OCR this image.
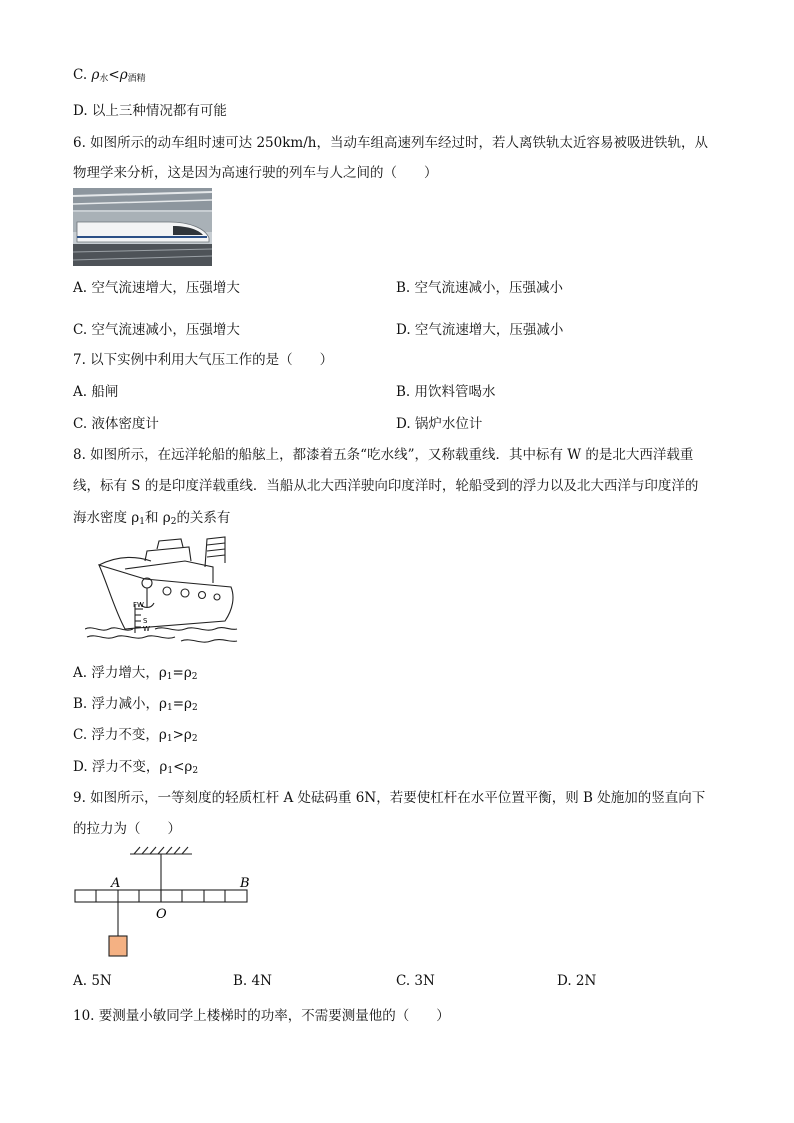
C. $\rho_水<\rho_{酒精}$
D. 以上三种情况都有可能
6. 如图所示的动车组时速可达 250km/h，当动车组高速列车经过时，若人离铁轨太近容易被吸进铁轨，从
物理学来分析，这是因为高速行驶的列车与人之间的（　　）
A. 空气流速增大，压强增大	B. 空气流速减小，压强减小
C. 空气流速减小，压强增大	D. 空气流速增大，压强减小
7. 以下实例中利用大气压工作的是（　　）
A. 船闸	B. 用饮料管喝水
C. 液体密度计	D. 锅炉水位计
8. 如图所示，在远洋轮船的船舷上，都漆着五条“吃水线”，又称载重线．其中标有 W 的是北大西洋载重
线，标有 S 的是印度洋载重线．当船从北大西洋驶向印度洋时，轮船受到的浮力以及北大西洋与印度洋的
海水密度 $\rho_1$和 $\rho_2$的关系有
FW
S
W
A. 浮力增大，$\rho_1=\rho_2$
B. 浮力减小，$\rho_1=\rho_2$
C. 浮力不变，$\rho_1>\rho_2$
D. 浮力不变，$\rho_1<\rho_2$
9. 如图所示，一等刻度的轻质杠杆 A 处砝码重 6N，若要使杠杆在水平位置平衡，则 B 处施加的竖直向下
的拉力为（　　）
A	B
O
A. 5N	B. 4N	C. 3N	D. 2N
10. 要测量小敏同学上楼梯时的功率，不需要测量他的（　　）
